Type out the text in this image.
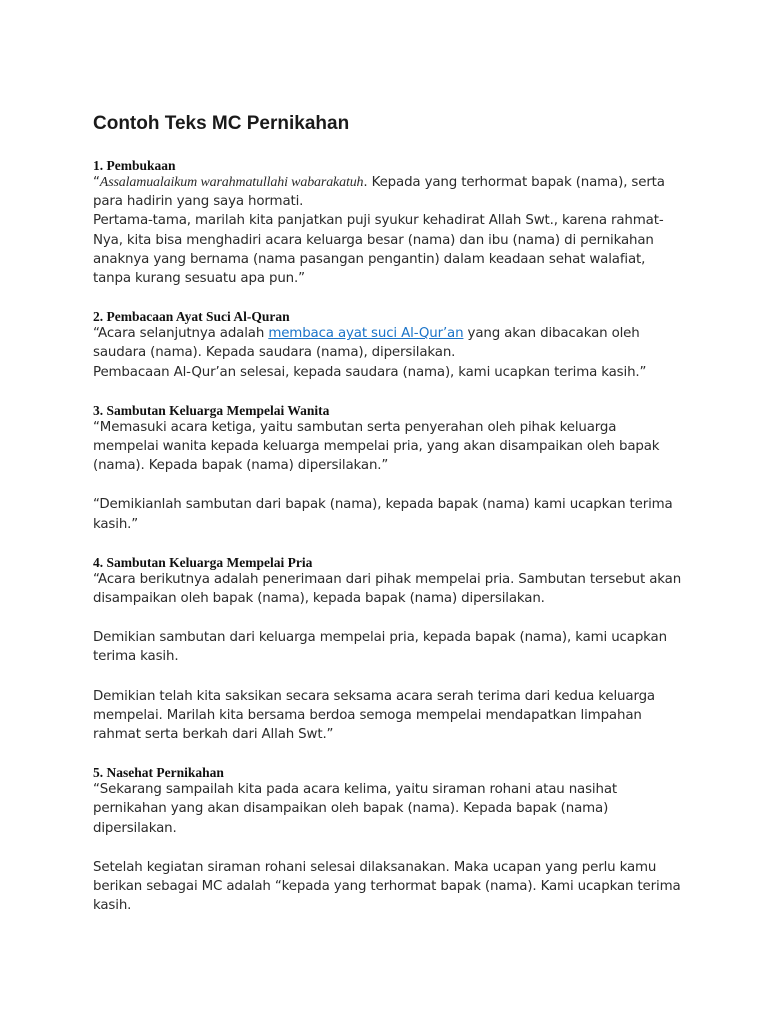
Contoh Teks MC Pernikahan

1. Pembukaan

“Assalamualaikum warahmatullahi wabarakatuh. Kepada yang terhormat bapak (nama), serta para hadirin yang saya hormati.

Pertama-tama, marilah kita panjatkan puji syukur kehadirat Allah Swt., karena rahmat-Nya, kita bisa menghadiri acara keluarga besar (nama) dan ibu (nama) di pernikahan anaknya yang bernama (nama pasangan pengantin) dalam keadaan sehat walafiat, tanpa kurang sesuatu apa pun.”

2. Pembacaan Ayat Suci Al-Quran

“Acara selanjutnya adalah membaca ayat suci Al-Qur’an yang akan dibacakan oleh saudara (nama). Kepada saudara (nama), dipersilakan.

Pembacaan Al-Qur’an selesai, kepada saudara (nama), kami ucapkan terima kasih.”

3. Sambutan Keluarga Mempelai Wanita

“Memasuki acara ketiga, yaitu sambutan serta penyerahan oleh pihak keluarga mempelai wanita kepada keluarga mempelai pria, yang akan disampaikan oleh bapak (nama). Kepada bapak (nama) dipersilakan.”

“Demikianlah sambutan dari bapak (nama), kepada bapak (nama) kami ucapkan terima kasih.”

4. Sambutan Keluarga Mempelai Pria

“Acara berikutnya adalah penerimaan dari pihak mempelai pria. Sambutan tersebut akan disampaikan oleh bapak (nama), kepada bapak (nama) dipersilakan.

Demikian sambutan dari keluarga mempelai pria, kepada bapak (nama), kami ucapkan terima kasih.

Demikian telah kita saksikan secara seksama acara serah terima dari kedua keluarga mempelai. Marilah kita bersama berdoa semoga mempelai mendapatkan limpahan rahmat serta berkah dari Allah Swt.”

5. Nasehat Pernikahan

“Sekarang sampailah kita pada acara kelima, yaitu siraman rohani atau nasihat pernikahan yang akan disampaikan oleh bapak (nama). Kepada bapak (nama) dipersilakan.

Setelah kegiatan siraman rohani selesai dilaksanakan. Maka ucapan yang perlu kamu berikan sebagai MC adalah “kepada yang terhormat bapak (nama). Kami ucapkan terima kasih.
